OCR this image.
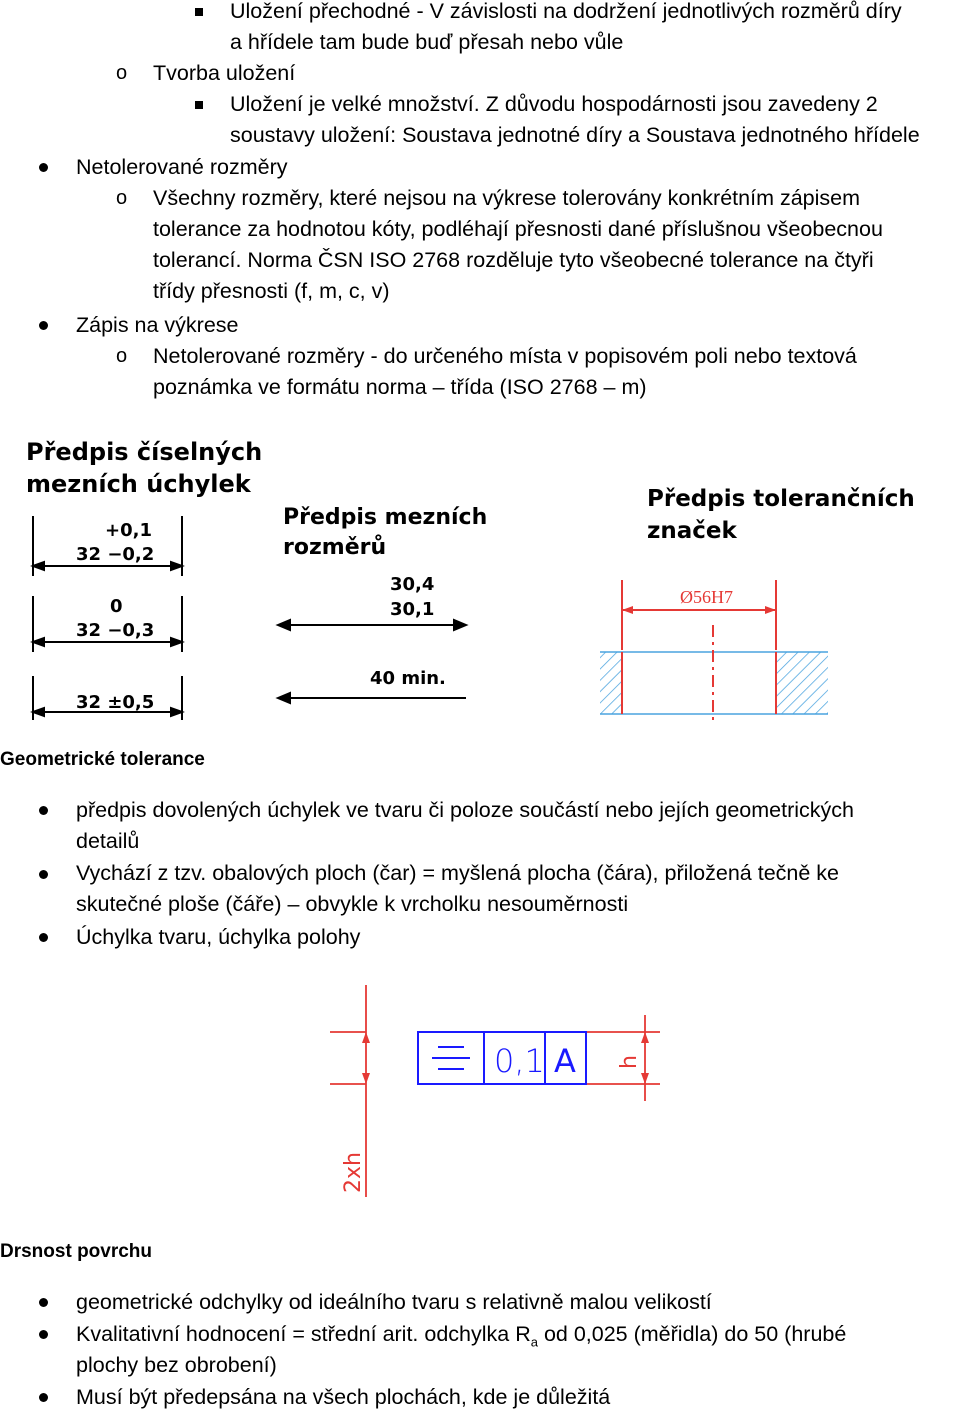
Uložení přechodné - V závislosti na dodržení jednotlivých rozměrů díry
a hřídele tam bude buď přesah nebo vůle
o Tvorba uložení
Uložení je velké množství. Z důvodu hospodárnosti jsou zavedeny 2
soustavy uložení: Soustava jednotné díry a Soustava jednotného hřídele
Netolerované rozměry
o Všechny rozměry, které nejsou na výkrese tolerovány konkrétním zápisem
tolerance za hodnotou kóty, podléhají přesnosti dané příslušnou všeobecnou
tolerancí. Norma ČSN ISO 2768 rozděluje tyto všeobecné tolerance na čtyři
třídy přesnosti (f, m, c, v)
Zápis na výkrese
o Netolerované rozměry - do určeného místa v popisovém poli nebo textová
poznámka ve formátu norma – třída (ISO 2768 – m)
Předpis číselných
mezních úchylek
+0,1
32 −0,2
0
32 −0,3
32 ±0,5
Předpis mezních
rozměrů
30,4
30,1
40 min.
Předpis tolerančních
značek
Ø56H7
Geometrické tolerance
předpis dovolených úchylek ve tvaru či poloze součástí nebo jejích geometrických
detailů
Vychází z tzv. obalových ploch (čar) = myšlená plocha (čára), přiložená tečně ke
skutečné ploše (čáře) – obvykle k vrcholku nesouměrnosti
Úchylka tvaru, úchylka polohy
0,1 A h
2xh
Drsnost povrchu
geometrické odchylky od ideálního tvaru s relativně malou velikostí
Kvalitativní hodnocení = střední arit. odchylka $R_a$ od 0,025 (měřidla) do 50 (hrubé
plochy bez obrobení)
Musí být předepsána na všech plochách, kde je důležitá
